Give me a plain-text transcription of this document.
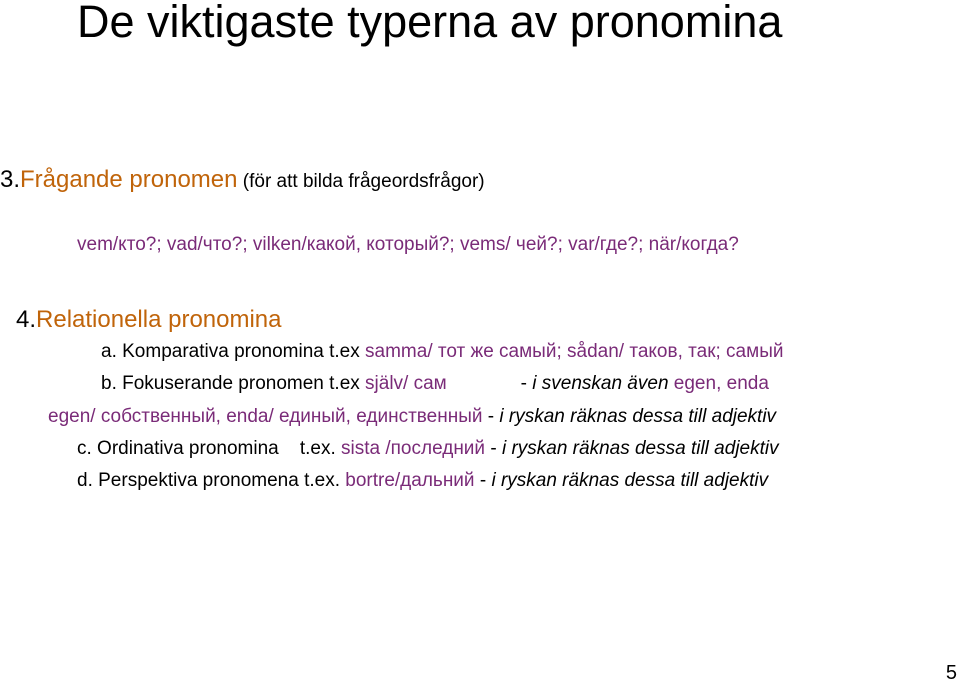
De viktigaste typerna av pronomina
3.Frågande pronomen (för att bilda frågeordsfrågor)
vem/кто?; vad/что?; vilken/какой, который?; vems/ чей?; var/где?; när/когда?
4.Relationella pronomina
a. Komparativa pronomina t.ex samma/ тот же самый; sådan/ таков, так; самый
b. Fokuserande pronomen t.ex själv/ сам	- i svenskan även egen, enda
egen/ собственный, enda/ единый, единственный - i ryskan räknas dessa till adjektiv
c. Ordinativa pronomina    t.ex. sista /последний - i ryskan räknas dessa till adjektiv
d. Perspektiva pronomena t.ex. bortre/дальний - i ryskan räknas dessa till adjektiv
5
